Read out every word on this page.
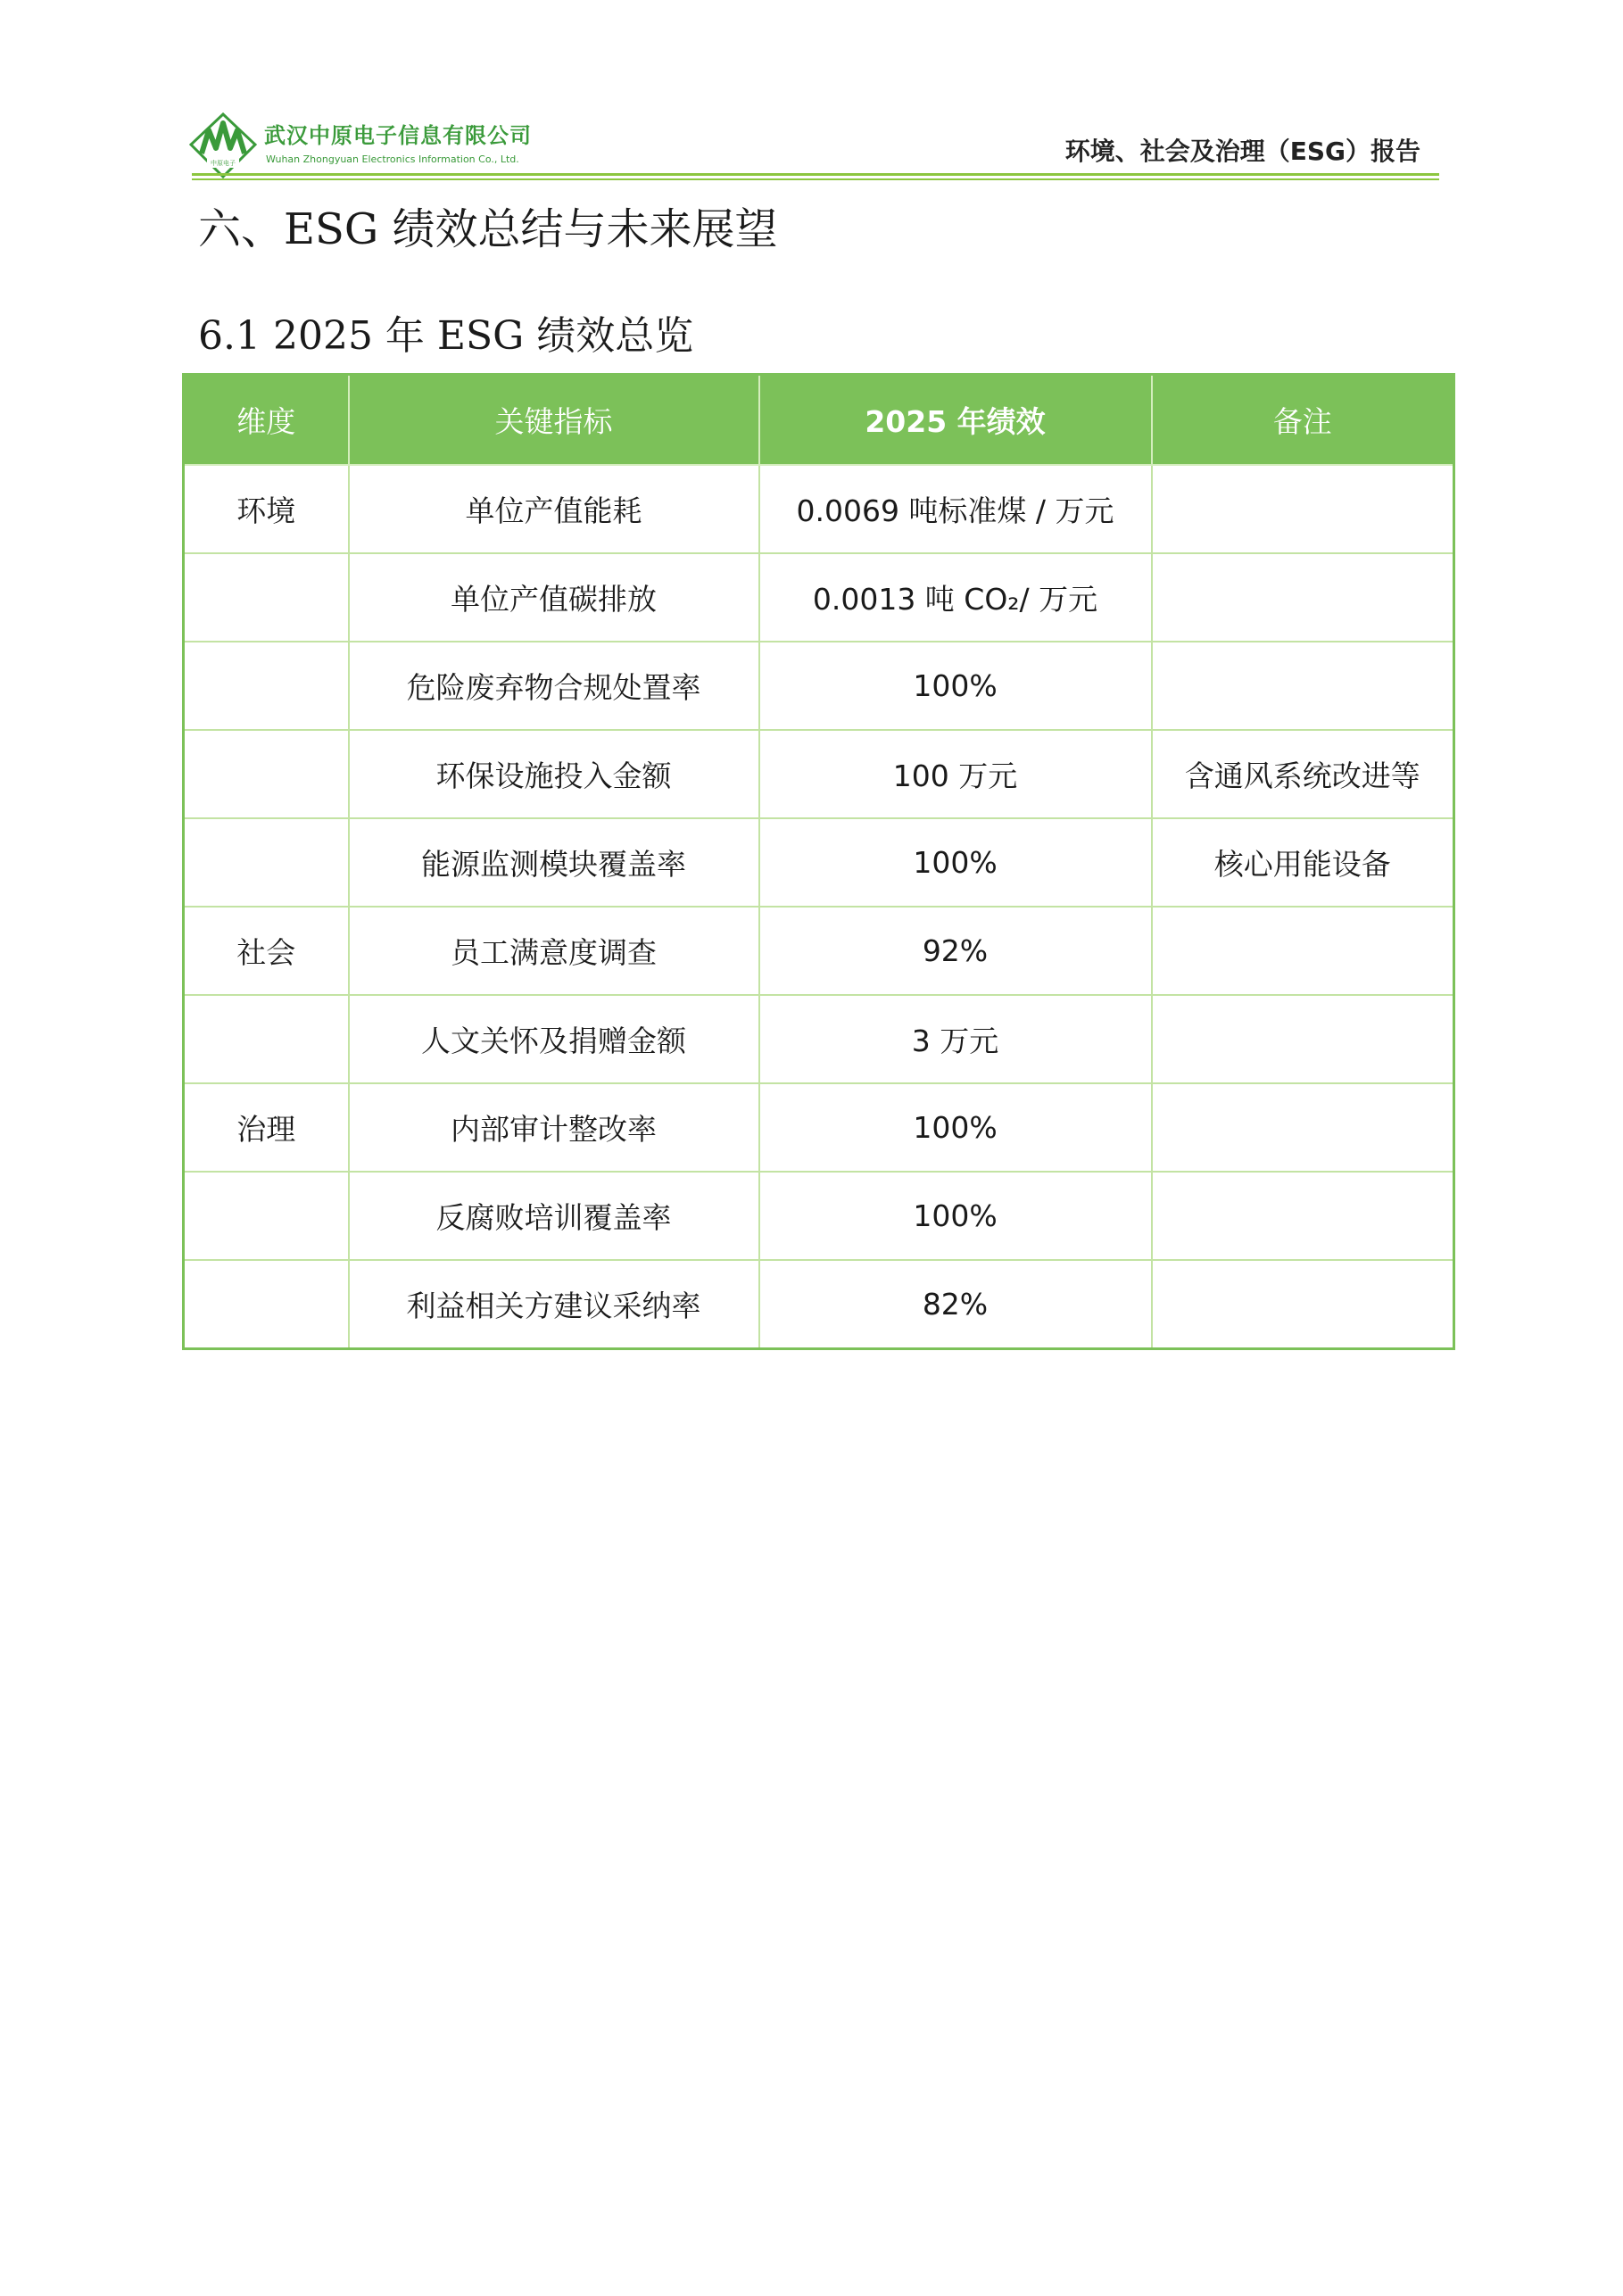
中原电子
武汉中原电子信息有限公司
Wuhan Zhongyuan Electronics Information Co., Ltd.	环境、社会及治理（ESG）报告
六、ESG 绩效总结与未来展望
6.1 2025 年 ESG 绩效总览
维度	关键指标	2025 年绩效	备注
环境	单位产值能耗	0.0069 吨标准煤 / 万元	
	单位产值碳排放	0.0013 吨 CO₂/ 万元	
	危险废弃物合规处置率	100%	
	环保设施投入金额	100 万元	含通风系统改进等
	能源监测模块覆盖率	100%	核心用能设备
社会	员工满意度调查	92%	
	人文关怀及捐赠金额	3 万元	
治理	内部审计整改率	100%	
	反腐败培训覆盖率	100%	
	利益相关方建议采纳率	82%	
